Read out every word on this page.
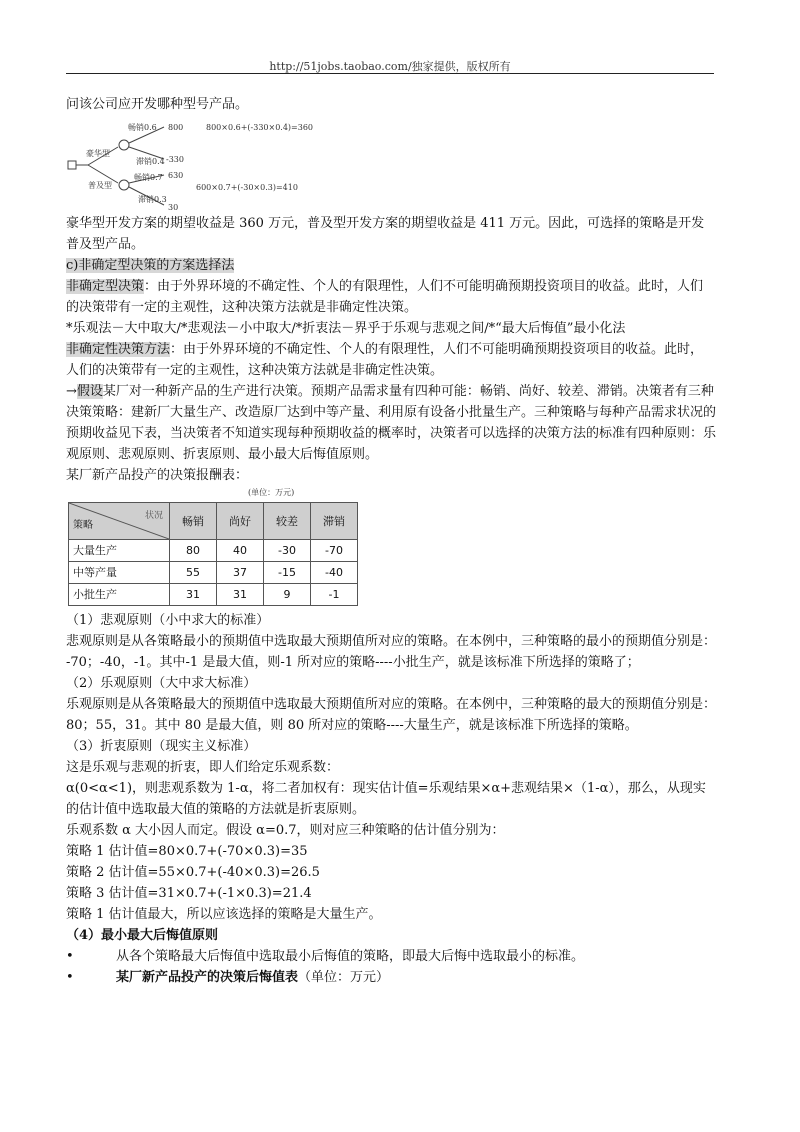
http://51jobs.taobao.com/独家提供，版权所有

问该公司应开发哪种型号产品。

豪华型
普及型
畅销0.6
滞销0.4
畅销0.7
滞销0.3
800
-330
630
30
800×0.6+(-330×0.4)=360
600×0.7+(-30×0.3)=410

豪华型开发方案的期望收益是 360 万元，普及型开发方案的期望收益是 411 万元。因此，可选择的策略是开发普及型产品。

c)非确定型决策的方案选择法

非确定型决策：由于外界环境的不确定性、个人的有限理性，人们不可能明确预期投资项目的收益。此时，人们的决策带有一定的主观性，这种决策方法就是非确定性决策。

*乐观法－大中取大/*悲观法－小中取大/*折衷法－界乎于乐观与悲观之间/*“最大后悔值”最小化法

非确定性决策方法：由于外界环境的不确定性、个人的有限理性，人们不可能明确预期投资项目的收益。此时，人们的决策带有一定的主观性，这种决策方法就是非确定性决策。

→假设某厂对一种新产品的生产进行决策。预期产品需求量有四种可能：畅销、尚好、较差、滞销。决策者有三种决策策略：建新厂大量生产、改造原厂达到中等产量、利用原有设备小批量生产。三种策略与每种产品需求状况的预期收益见下表，当决策者不知道实现每种预期收益的概率时，决策者可以选择的决策方法的标准有四种原则：乐观原则、悲观原则、折衷原则、最小最大后悔值原则。

某厂新产品投产的决策报酬表：

(单位：万元)
状况
策略	畅销	尚好	较差	滞销
大量生产	80	40	-30	-70
中等产量	55	37	-15	-40
小批生产	31	31	9	-1

（1）悲观原则（小中求大的标准）

悲观原则是从各策略最小的预期值中选取最大预期值所对应的策略。在本例中，三种策略的最小的预期值分别是：

-70；-40，-1。其中-1 是最大值，则-1 所对应的策略----小批生产，就是该标准下所选择的策略了；

（2）乐观原则（大中求大标准）

乐观原则是从各策略最大的预期值中选取最大预期值所对应的策略。在本例中，三种策略的最大的预期值分别是：

80；55，31。其中 80 是最大值，则 80 所对应的策略----大量生产，就是该标准下所选择的策略。

（3）折衷原则（现实主义标准）

这是乐观与悲观的折衷，即人们给定乐观系数：

α(0<α<1)，则悲观系数为 1-α，将二者加权有：现实估计值=乐观结果×α+悲观结果×（1-α），那么，从现实的估计值中选取最大值的策略的方法就是折衷原则。

乐观系数 α 大小因人而定。假设 α=0.7，则对应三种策略的估计值分别为：

策略 1 估计值=80×0.7+(-70×0.3)=35

策略 2 估计值=55×0.7+(-40×0.3)=26.5

策略 3 估计值=31×0.7+(-1×0.3)=21.4

策略 1 估计值最大，所以应该选择的策略是大量生产。

（4）最小最大后悔值原则

•	从各个策略最大后悔值中选取最小后悔值的策略，即最大后悔中选取最小的标准。
•	某厂新产品投产的决策后悔值表（单位：万元）
